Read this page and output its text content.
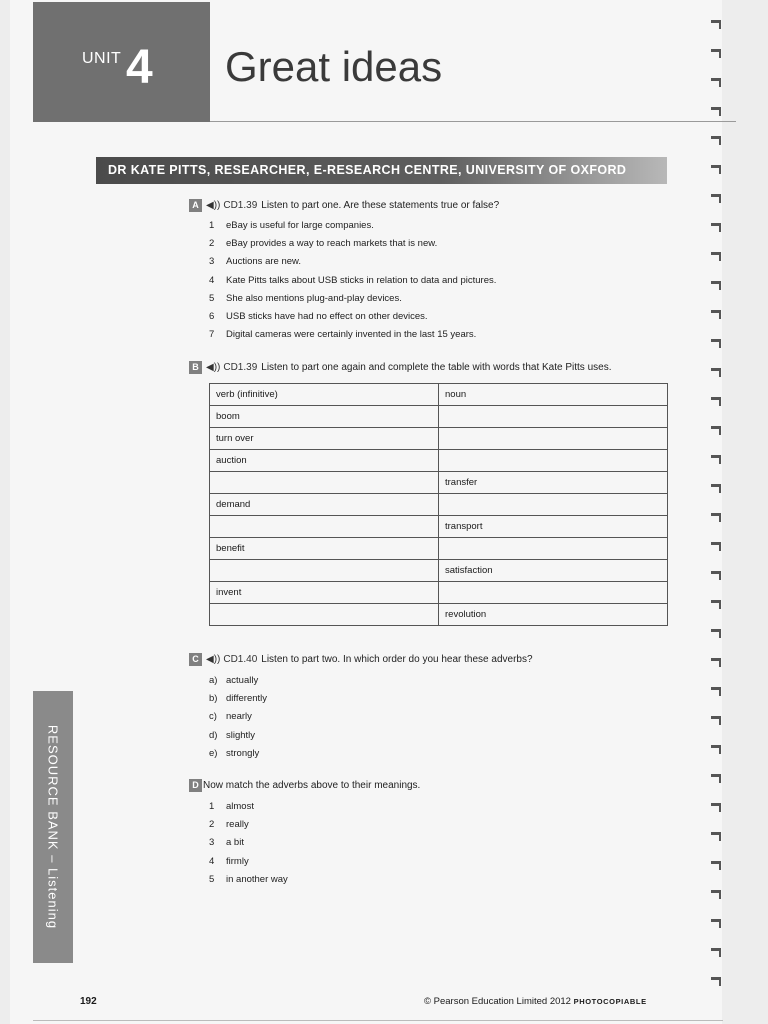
UNIT 4 Great ideas
DR KATE PITTS, RESEARCHER, E-RESEARCH CENTRE, UNIVERSITY OF OXFORD
A ◀)) CD1.39 Listen to part one. Are these statements true or false?
1 eBay is useful for large companies.
2 eBay provides a way to reach markets that is new.
3 Auctions are new.
4 Kate Pitts talks about USB sticks in relation to data and pictures.
5 She also mentions plug-and-play devices.
6 USB sticks have had no effect on other devices.
7 Digital cameras were certainly invented in the last 15 years.
B ◀)) CD1.39 Listen to part one again and complete the table with words that Kate Pitts uses.
verb (infinitive)	noun
boom	
turn over	
auction	
	transfer
demand	
	transport
benefit	
	satisfaction
invent	
	revolution
C ◀)) CD1.40 Listen to part two. In which order do you hear these adverbs?
a) actually
b) differently
c) nearly
d) slightly
e) strongly
D Now match the adverbs above to their meanings.
1 almost
2 really
3 a bit
4 firmly
5 in another way
RESOURCE BANK – Listening
192	© Pearson Education Limited 2012 PHOTOCOPIABLE
